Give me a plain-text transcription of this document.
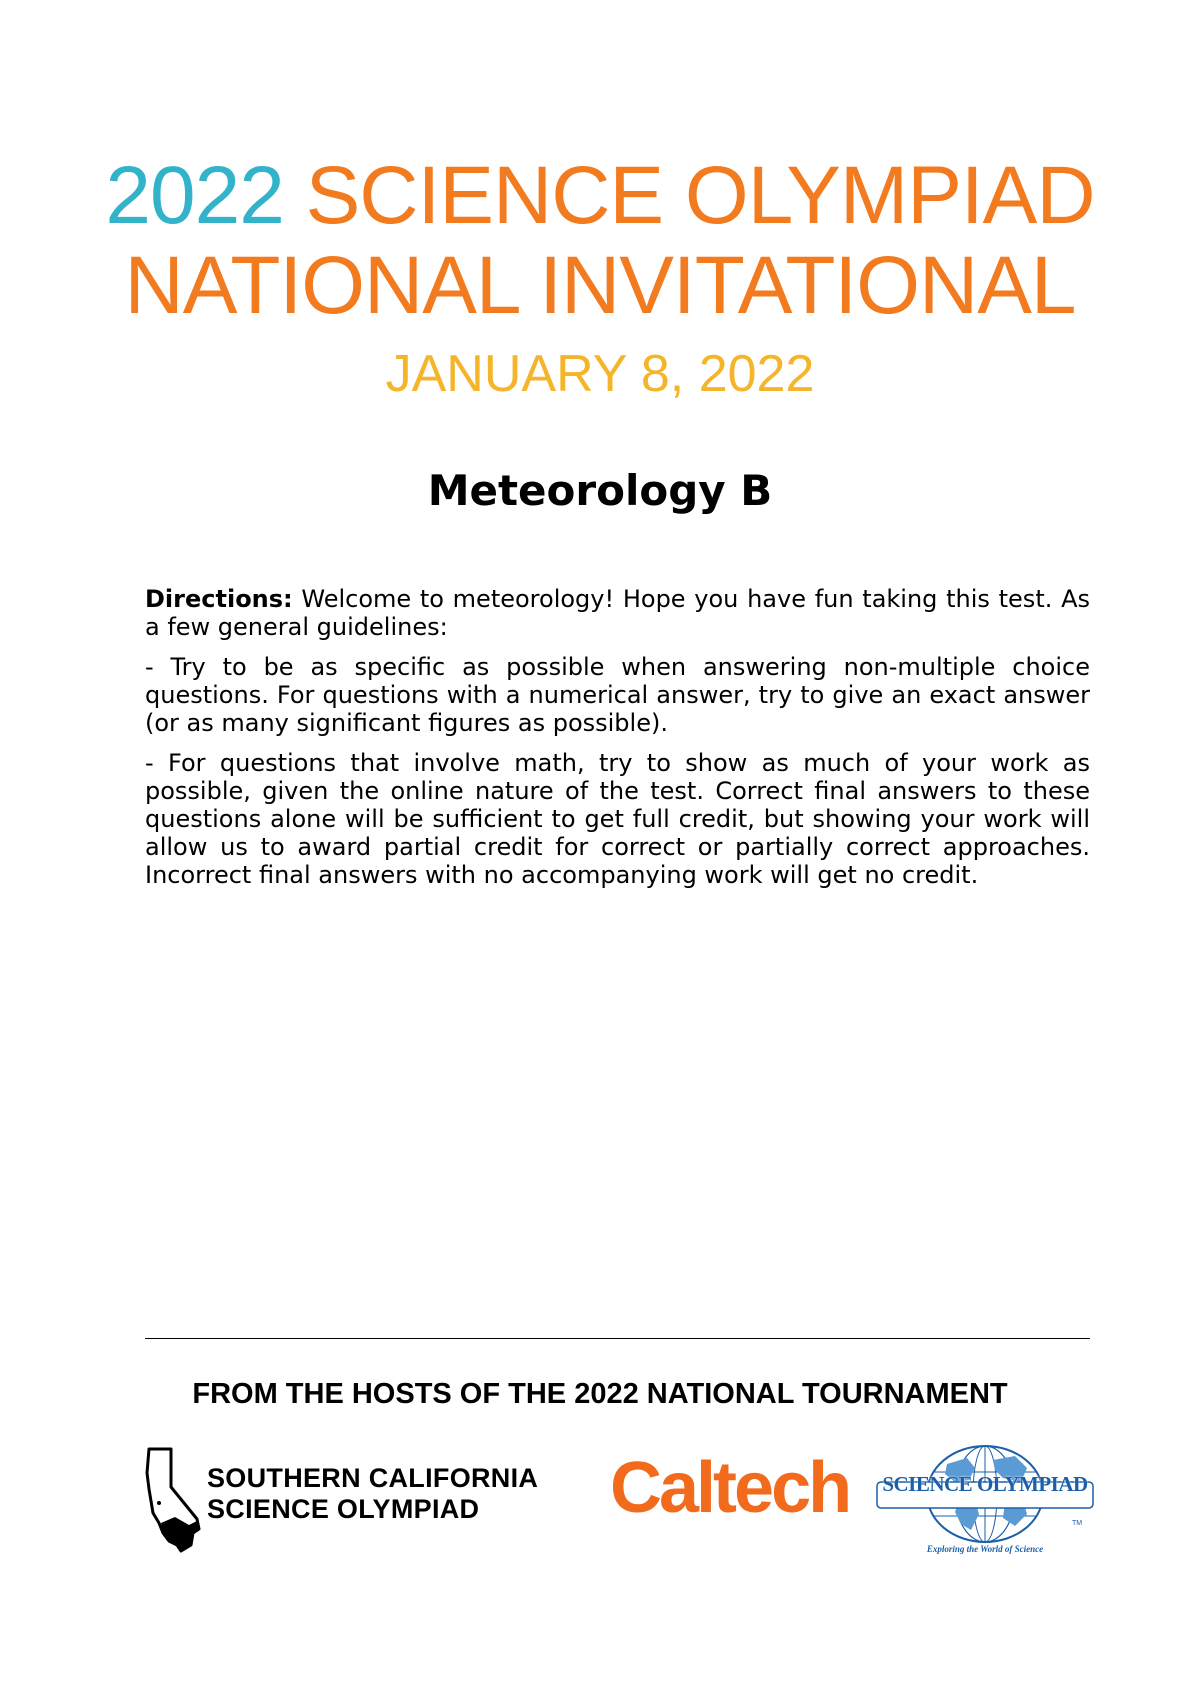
2022 SCIENCE OLYMPIAD
NATIONAL INVITATIONAL
JANUARY 8, 2022
Meteorology B

Directions: Welcome to meteorology! Hope you have fun taking this test. As a few general guidelines:

- Try to be as specific as possible when answering non-multiple choice questions. For questions with a numerical answer, try to give an exact answer (or as many significant figures as possible).

- For questions that involve math, try to show as much of your work as possible, given the online nature of the test. Correct final answers to these questions alone will be sufficient to get full credit, but showing your work will allow us to award partial credit for correct or partially correct approaches. Incorrect final answers with no accompanying work will get no credit.

FROM THE HOSTS OF THE 2022 NATIONAL TOURNAMENT
SOUTHERN CALIFORNIA
SCIENCE OLYMPIAD	Caltech	SCIENCE OLYMPIAD
TM
Exploring the World of Science
